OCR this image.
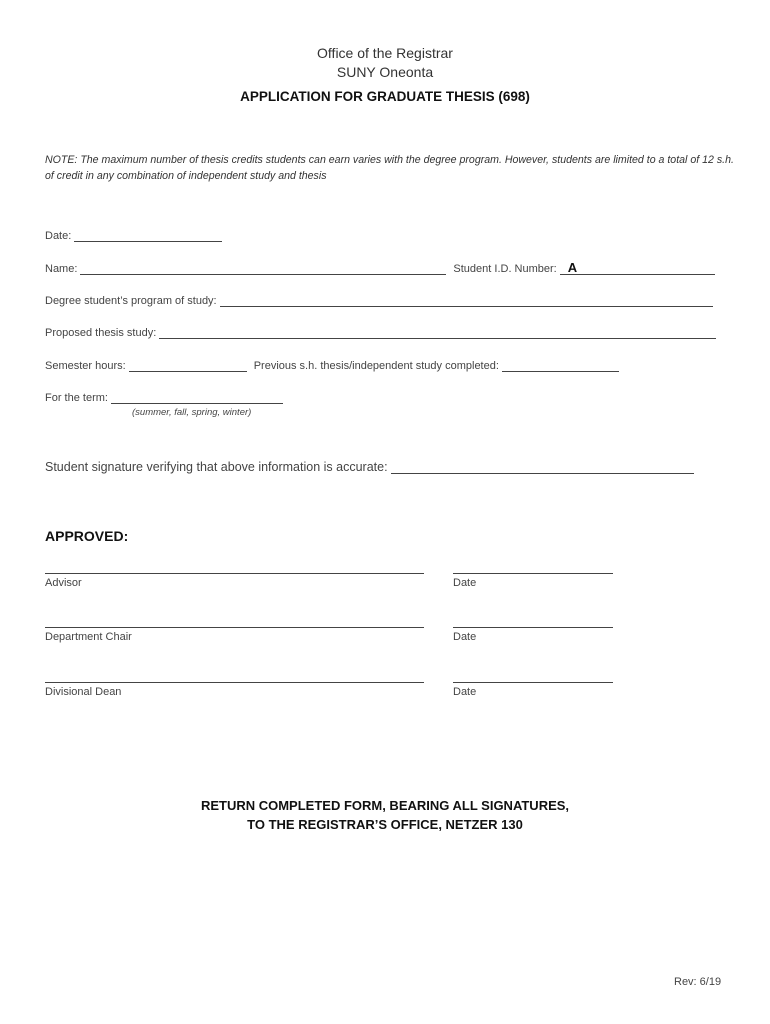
Office of the Registrar
SUNY Oneonta
APPLICATION FOR GRADUATE THESIS (698)
NOTE: The maximum number of thesis credits students can earn varies with the degree program. However, students are limited to a total of 12 s.h. of credit in any combination of independent study and thesis
Date:
Name:	Student I.D. Number: A
Degree student’s program of study:
Proposed thesis study:
Semester hours:	Previous s.h. thesis/independent study completed:
For the term:
(summer, fall, spring, winter)
Student signature verifying that above information is accurate:
APPROVED:
Advisor	Date
Department Chair	Date
Divisional Dean	Date
RETURN COMPLETED FORM, BEARING ALL SIGNATURES,
TO THE REGISTRAR’S OFFICE, NETZER 130
Rev: 6/19
